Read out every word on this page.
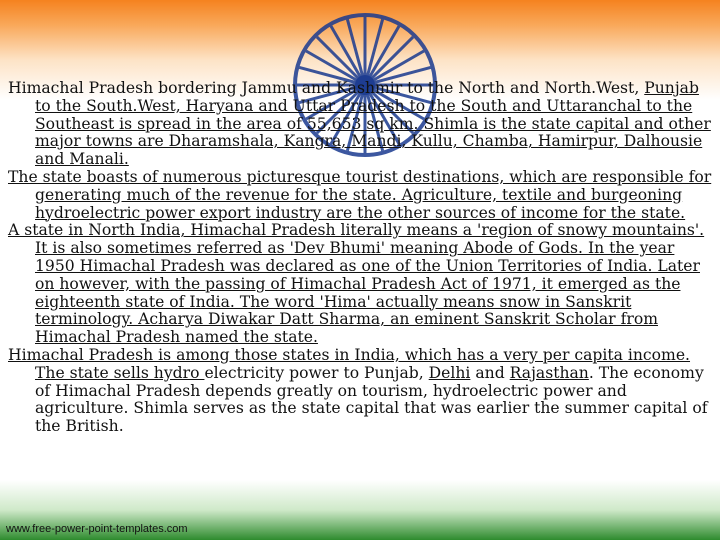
Himachal Pradesh bordering Jammu and Kashmir to the North and North.West, Punjab to the South.West, Haryana and Uttar Pradesh to the South and Uttaranchal to the Southeast is spread in the area of 55,653 sq km. Shimla is the state capital and other major towns are Dharamshala, Kangra, Mandi, Kullu, Chamba, Hamirpur, Dalhousie and Manali.

The state boasts of numerous picturesque tourist destinations, which are responsible for generating much of the revenue for the state. Agriculture, textile and burgeoning hydroelectric power export industry are the other sources of income for the state.

A state in North India, Himachal Pradesh literally means a 'region of snowy mountains'. It is also sometimes referred as 'Dev Bhumi' meaning Abode of Gods. In the year 1950 Himachal Pradesh was declared as one of the Union Territories of India. Later on however, with the passing of Himachal Pradesh Act of 1971, it emerged as the eighteenth state of India. The word 'Hima' actually means snow in Sanskrit terminology. Acharya Diwakar Datt Sharma, an eminent Sanskrit Scholar from Himachal Pradesh named the state.

Himachal Pradesh is among those states in India, which has a very per capita income. The state sells hydro electricity power to Punjab, Delhi and Rajasthan. The economy of Himachal Pradesh depends greatly on tourism, hydroelectric power and agriculture. Shimla serves as the state capital that was earlier the summer capital of the British.

www.free-power-point-templates.com
